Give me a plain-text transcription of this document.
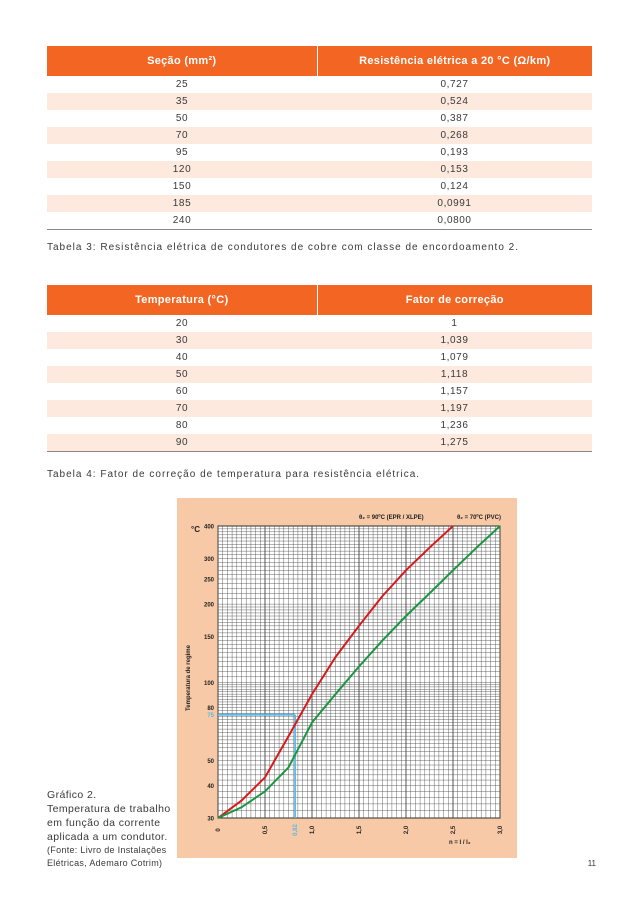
Seção (mm²)	Resistência elétrica a 20 °C (Ω/km)
25	0,727
35	0,524
50	0,387
70	0,268
95	0,193
120	0,153
150	0,124
185	0,0991
240	0,0800
Tabela 3: Resistência elétrica de condutores de cobre com classe de encordoamento 2.
Temperatura (°C)	Fator de correção
20	1
30	1,039
40	1,079
50	1,118
60	1,157
70	1,197
80	1,236
90	1,275
Tabela 4: Fator de correção de temperatura para resistência elétrica.
Gráfico 2.
Temperatura de trabalho em função da corrente aplicada a um condutor.

(Fonte: Livro de Instalações Elétricas, Ademaro Cotrim)
30
40
50
75
80
100
150
200
250
300
400
°C
0	0,5	0,82 1,0	1,5	2,0	2,5	3,0
Temperatura de regime
n = I / I₂
θ₂ = 90ºC (EPR / XLPE)	θ₂ = 70ºC (PVC)
11
